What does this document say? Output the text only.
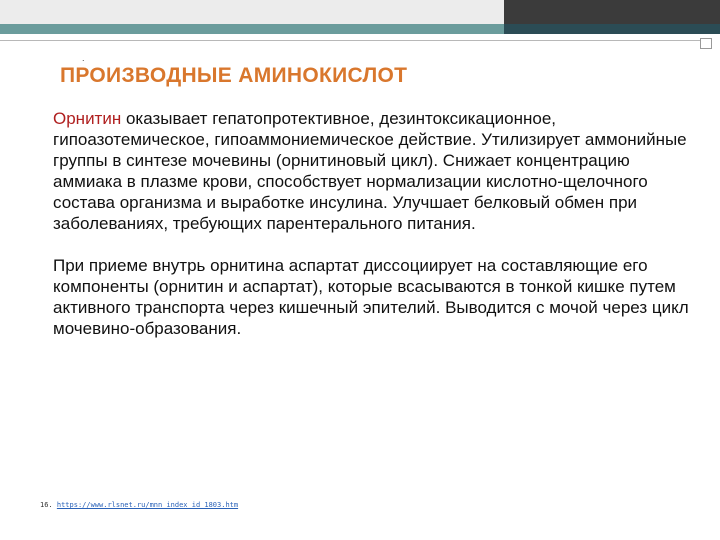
.
ПРОИЗВОДНЫЕ АМИНОКИСЛОТ

Орнитин оказывает гепатопротективное, дезинтоксикационное, гипоазотемическое, гипоаммониемическое действие. Утилизирует аммонийные группы в синтезе мочевины (орнитиновый цикл). Снижает концентрацию аммиака в плазме крови, способствует нормализации кислотно-щелочного состава организма и выработке инсулина. Улучшает белковый обмен при заболеваниях, требующих парентерального питания.

При приеме внутрь орнитина аспартат диссоциирует на составляющие его компоненты (орнитин и аспартат), которые всасываются в тонкой кишке путем активного транспорта через кишечный эпителий. Выводится с мочой через цикл мочевино-образования.

16. https://www.rlsnet.ru/mnn_index_id_1803.htm
